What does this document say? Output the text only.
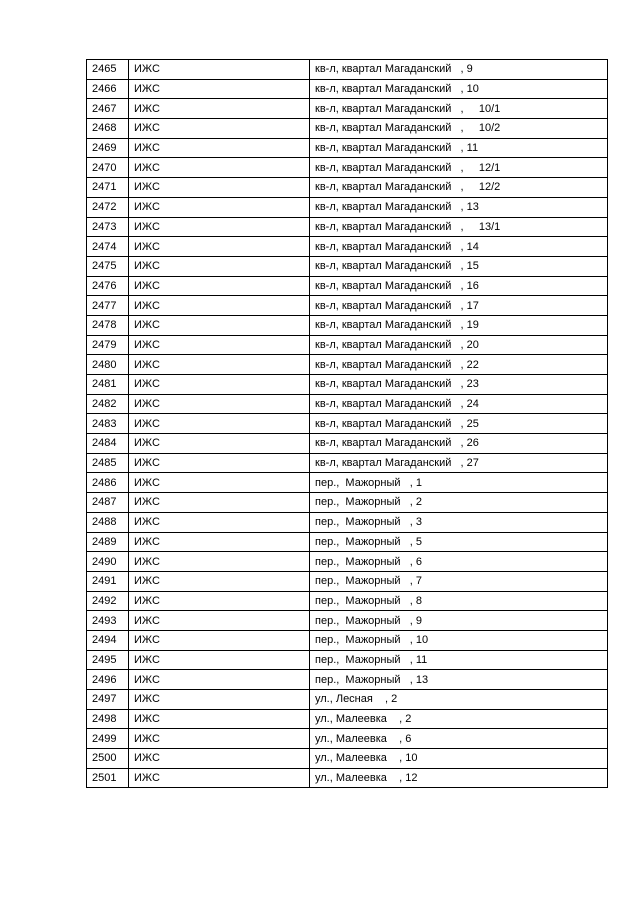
2465	ИЖС	кв-л, квартал Магаданский   , 9
2466	ИЖС	кв-л, квартал Магаданский   , 10
2467	ИЖС	кв-л, квартал Магаданский   ,     10/1
2468	ИЖС	кв-л, квартал Магаданский   ,     10/2
2469	ИЖС	кв-л, квартал Магаданский   , 11
2470	ИЖС	кв-л, квартал Магаданский   ,     12/1
2471	ИЖС	кв-л, квартал Магаданский   ,     12/2
2472	ИЖС	кв-л, квартал Магаданский   , 13
2473	ИЖС	кв-л, квартал Магаданский   ,     13/1
2474	ИЖС	кв-л, квартал Магаданский   , 14
2475	ИЖС	кв-л, квартал Магаданский   , 15
2476	ИЖС	кв-л, квартал Магаданский   , 16
2477	ИЖС	кв-л, квартал Магаданский   , 17
2478	ИЖС	кв-л, квартал Магаданский   , 19
2479	ИЖС	кв-л, квартал Магаданский   , 20
2480	ИЖС	кв-л, квартал Магаданский   , 22
2481	ИЖС	кв-л, квартал Магаданский   , 23
2482	ИЖС	кв-л, квартал Магаданский   , 24
2483	ИЖС	кв-л, квартал Магаданский   , 25
2484	ИЖС	кв-л, квартал Магаданский   , 26
2485	ИЖС	кв-л, квартал Магаданский   , 27
2486	ИЖС	пер.,  Мажорный   , 1
2487	ИЖС	пер.,  Мажорный   , 2
2488	ИЖС	пер.,  Мажорный   , 3
2489	ИЖС	пер.,  Мажорный   , 5
2490	ИЖС	пер.,  Мажорный   , 6
2491	ИЖС	пер.,  Мажорный   , 7
2492	ИЖС	пер.,  Мажорный   , 8
2493	ИЖС	пер.,  Мажорный   , 9
2494	ИЖС	пер.,  Мажорный   , 10
2495	ИЖС	пер.,  Мажорный   , 11
2496	ИЖС	пер.,  Мажорный   , 13
2497	ИЖС	ул., Лесная    , 2
2498	ИЖС	ул., Малеевка    , 2
2499	ИЖС	ул., Малеевка    , 6
2500	ИЖС	ул., Малеевка    , 10
2501	ИЖС	ул., Малеевка    , 12
